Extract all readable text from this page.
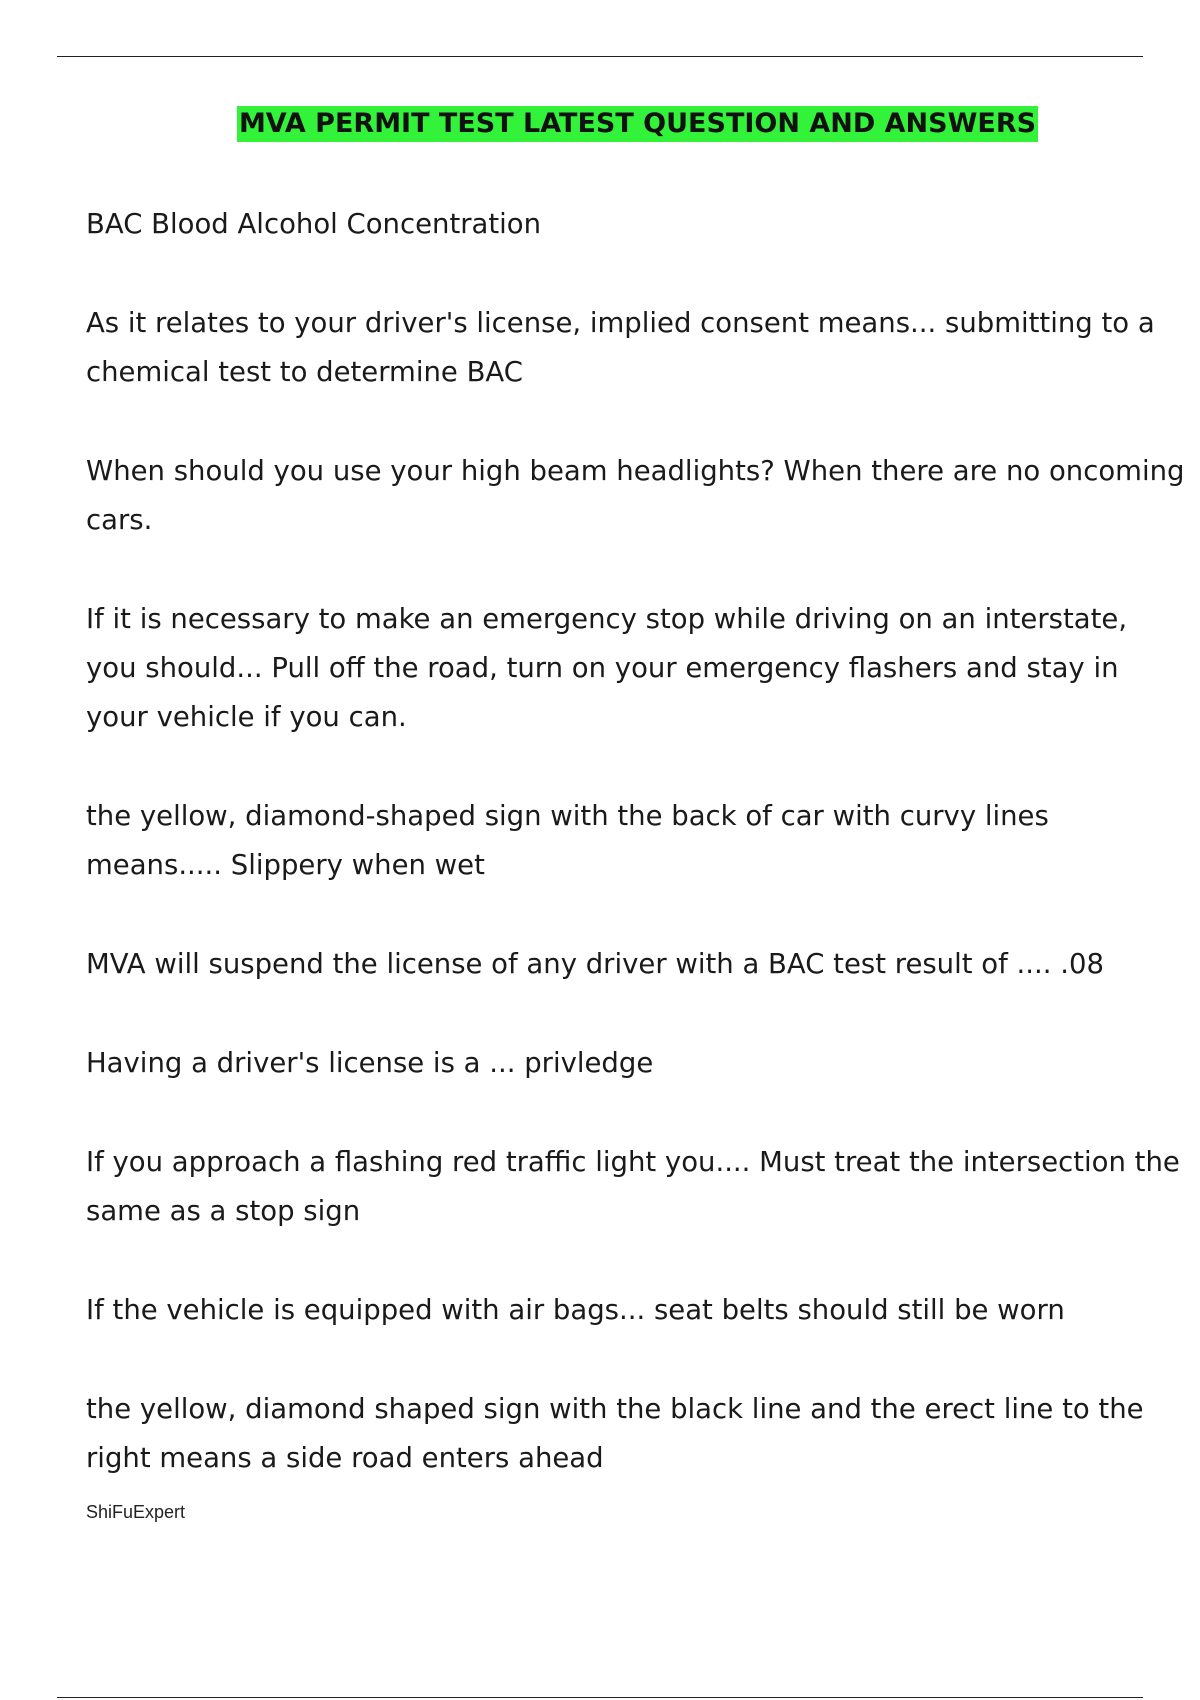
MVA PERMIT TEST LATEST QUESTION AND ANSWERS

BAC Blood Alcohol Concentration

As it relates to your driver's license, implied consent means... submitting to a chemical test to determine BAC

When should you use your high beam headlights? When there are no oncoming cars.

If it is necessary to make an emergency stop while driving on an interstate, you should... Pull off the road, turn on your emergency flashers and stay in your vehicle if you can.

the yellow, diamond-shaped sign with the back of car with curvy lines means..... Slippery when wet

MVA will suspend the license of any driver with a BAC test result of .... .08

Having a driver's license is a ... privledge

If you approach a flashing red traffic light you.... Must treat the intersection the same as a stop sign

If the vehicle is equipped with air bags... seat belts should still be worn

the yellow, diamond shaped sign with the black line and the erect line to the right means a side road enters ahead

ShiFuExpert
